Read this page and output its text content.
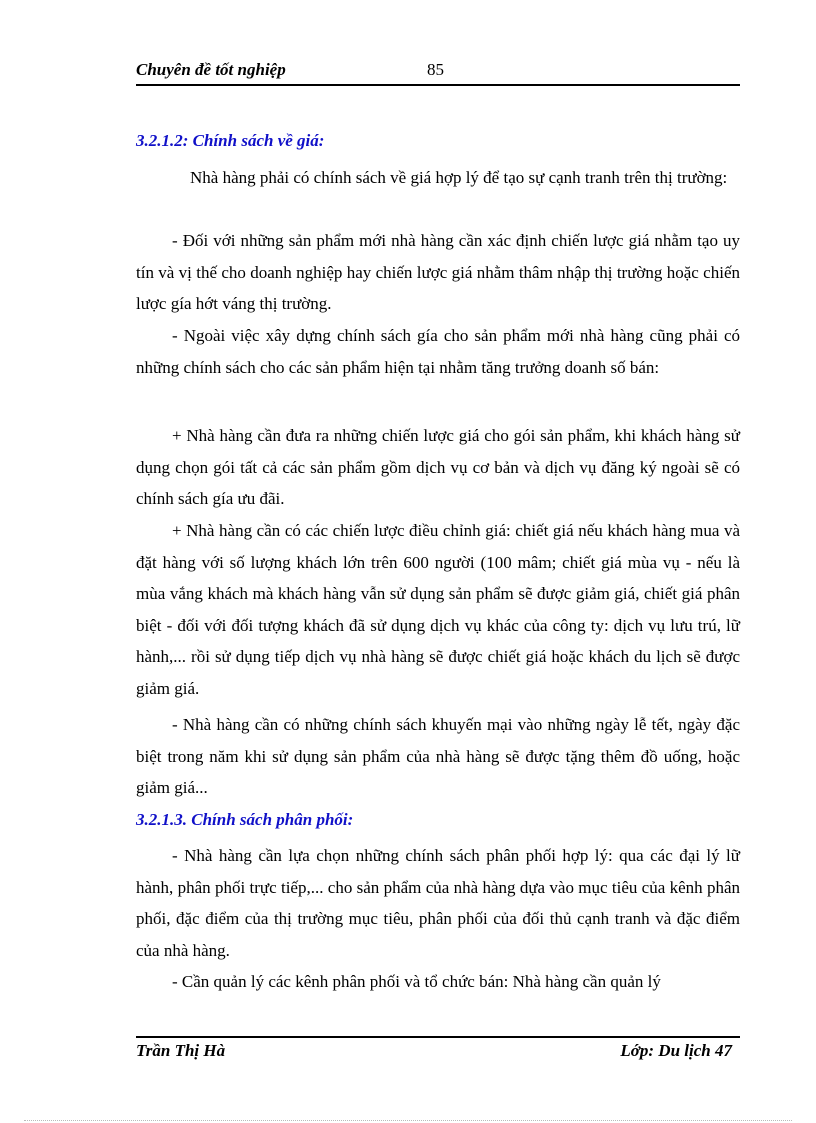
Chuyên đề tốt nghiệp	85
3.2.1.2: Chính sách về giá:
Nhà hàng phải có chính sách về giá hợp lý để tạo sự cạnh tranh trên thị trường:
- Đối với những sản phẩm mới nhà hàng cần xác định chiến lược giá nhằm tạo uy tín và vị thế cho doanh nghiệp hay chiến lược giá nhằm thâm nhập thị trường hoặc chiến lược gía hớt váng thị trường.
- Ngoài việc xây dựng chính sách gía cho sản phẩm mới nhà hàng cũng phải có những chính sách cho các sản phẩm hiện tại nhằm tăng trưởng doanh số bán:
+ Nhà hàng cần đưa ra những chiến lược giá cho gói sản phẩm, khi khách hàng sử dụng chọn gói tất cả các sản phẩm gồm dịch vụ cơ bản và dịch vụ đăng ký ngoài sẽ có chính sách gía ưu đãi.
+ Nhà hàng cần có các chiến lược điều chỉnh giá: chiết giá nếu khách hàng mua và đặt hàng với số lượng khách lớn trên 600 người (100 mâm; chiết giá mùa vụ - nếu là mùa vắng khách mà khách hàng vẫn sử dụng sản phẩm sẽ được giảm giá, chiết giá phân biệt - đối với đối tượng khách đã sử dụng dịch vụ khác của công ty: dịch vụ lưu trú, lữ hành,... rồi sử dụng tiếp dịch vụ nhà hàng sẽ được chiết giá hoặc khách du lịch sẽ được giảm giá.
- Nhà hàng cần có những chính sách khuyến mại vào những ngày lễ tết, ngày đặc biệt trong năm khi sử dụng sản phẩm của nhà hàng sẽ được tặng thêm đồ uống, hoặc giảm giá...
3.2.1.3. Chính sách phân phối:
- Nhà hàng cần lựa chọn những chính sách phân phối hợp lý: qua các đại lý lữ hành, phân phối trực tiếp,... cho sản phẩm của nhà hàng dựa vào mục tiêu của kênh phân phối, đặc điểm của thị trường mục tiêu, phân phối của đối thủ cạnh tranh và đặc điểm của nhà hàng.
- Cần quản lý các kênh phân phối và tổ chức bán: Nhà hàng cần quản lý
Trần Thị Hà	Lớp: Du lịch 47
